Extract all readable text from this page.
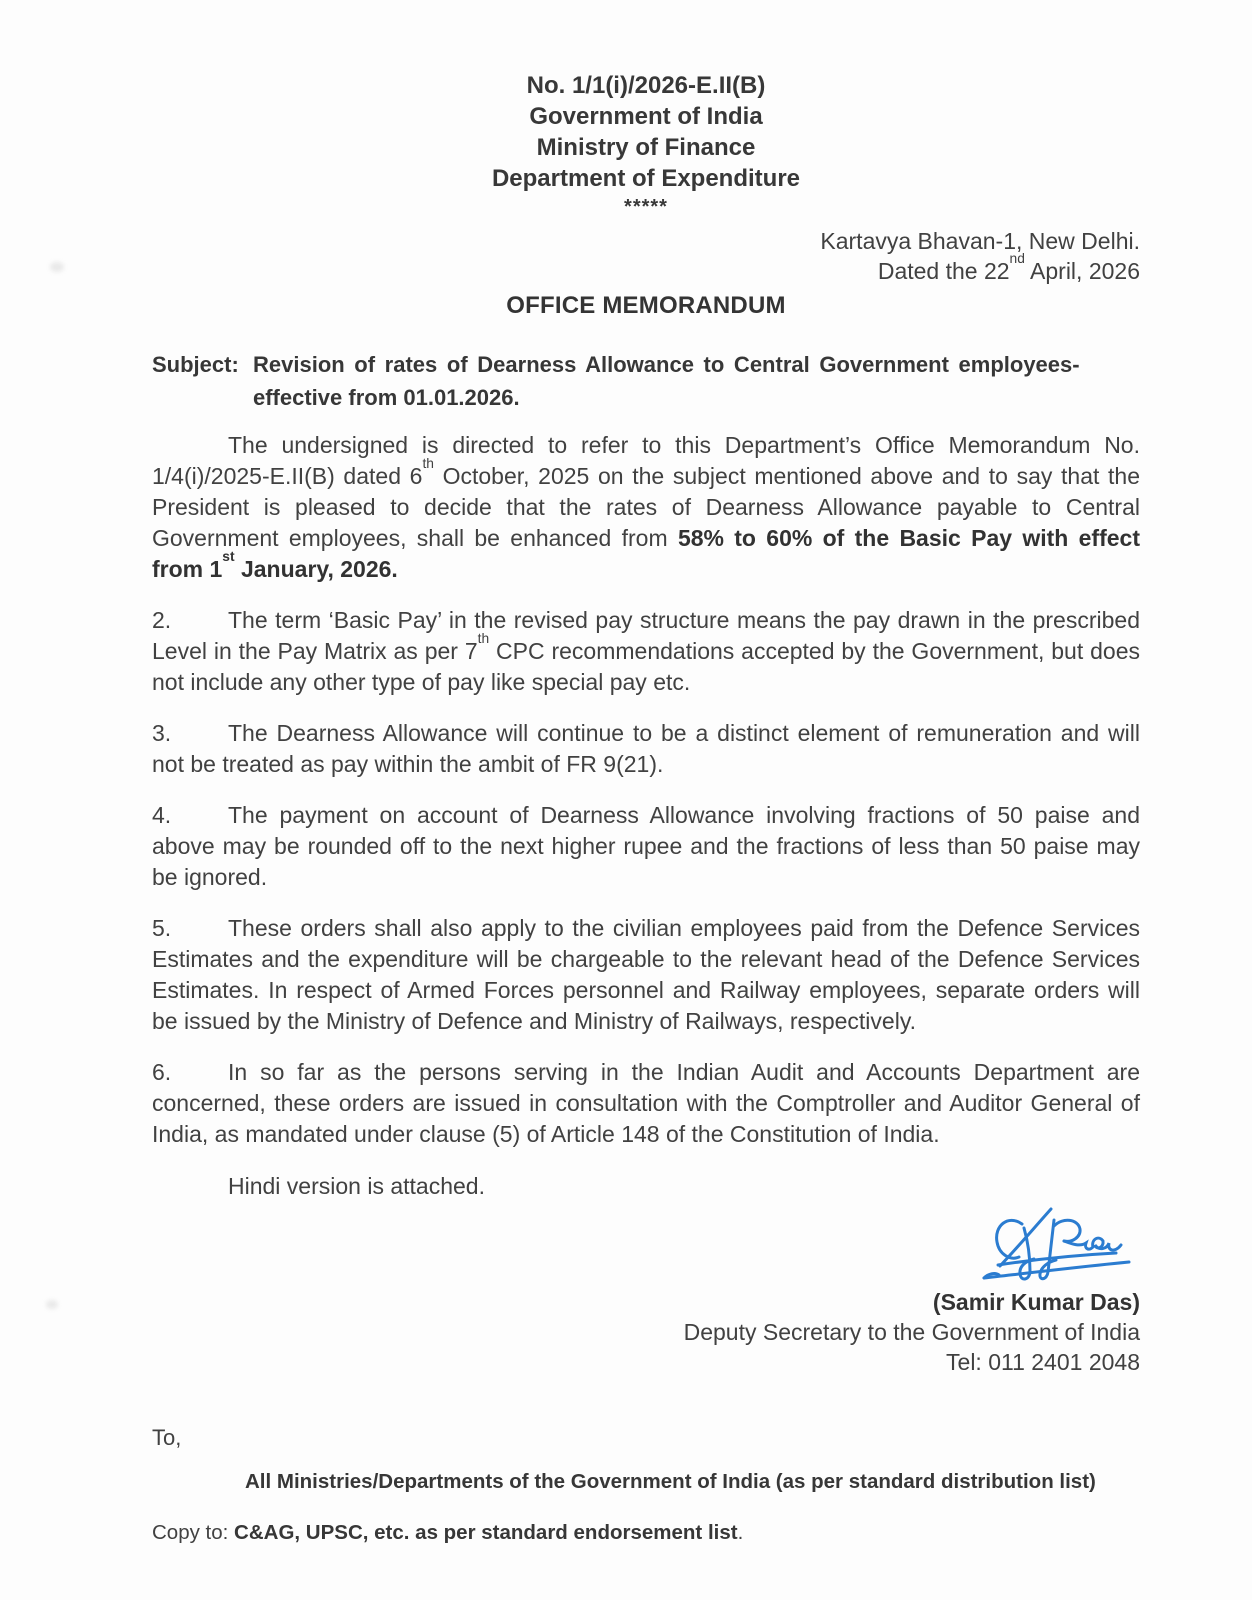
No. 1/1(i)/2026-E.II(B)
Government of India
Ministry of Finance
Department of Expenditure
*****
Kartavya Bhavan-1, New Delhi.
Dated the 22nd April, 2026
OFFICE MEMORANDUM
Subject: Revision of rates of Dearness Allowance to Central Government employees-
effective from 01.01.2026.

The undersigned is directed to refer to this Department’s Office Memorandum No. 1/4(i)/2025-E.II(B) dated 6th October, 2025 on the subject mentioned above and to say that the President is pleased to decide that the rates of Dearness Allowance payable to Central Government employees, shall be enhanced from 58% to 60% of the Basic Pay with effect from 1st January, 2026.

2. The term ‘Basic Pay’ in the revised pay structure means the pay drawn in the prescribed Level in the Pay Matrix as per 7th CPC recommendations accepted by the Government, but does not include any other type of pay like special pay etc.

3. The Dearness Allowance will continue to be a distinct element of remuneration and will not be treated as pay within the ambit of FR 9(21).

4. The payment on account of Dearness Allowance involving fractions of 50 paise and above may be rounded off to the next higher rupee and the fractions of less than 50 paise may be ignored.

5. These orders shall also apply to the civilian employees paid from the Defence Services Estimates and the expenditure will be chargeable to the relevant head of the Defence Services Estimates. In respect of Armed Forces personnel and Railway employees, separate orders will be issued by the Ministry of Defence and Ministry of Railways, respectively.

6. In so far as the persons serving in the Indian Audit and Accounts Department are concerned, these orders are issued in consultation with the Comptroller and Auditor General of India, as mandated under clause (5) of Article 148 of the Constitution of India.

Hindi version is attached.
(Samir Kumar Das)
Deputy Secretary to the Government of India
Tel: 011 2401 2048
To,
All Ministries/Departments of the Government of India (as per standard distribution list)
Copy to: C&AG, UPSC, etc. as per standard endorsement list.
